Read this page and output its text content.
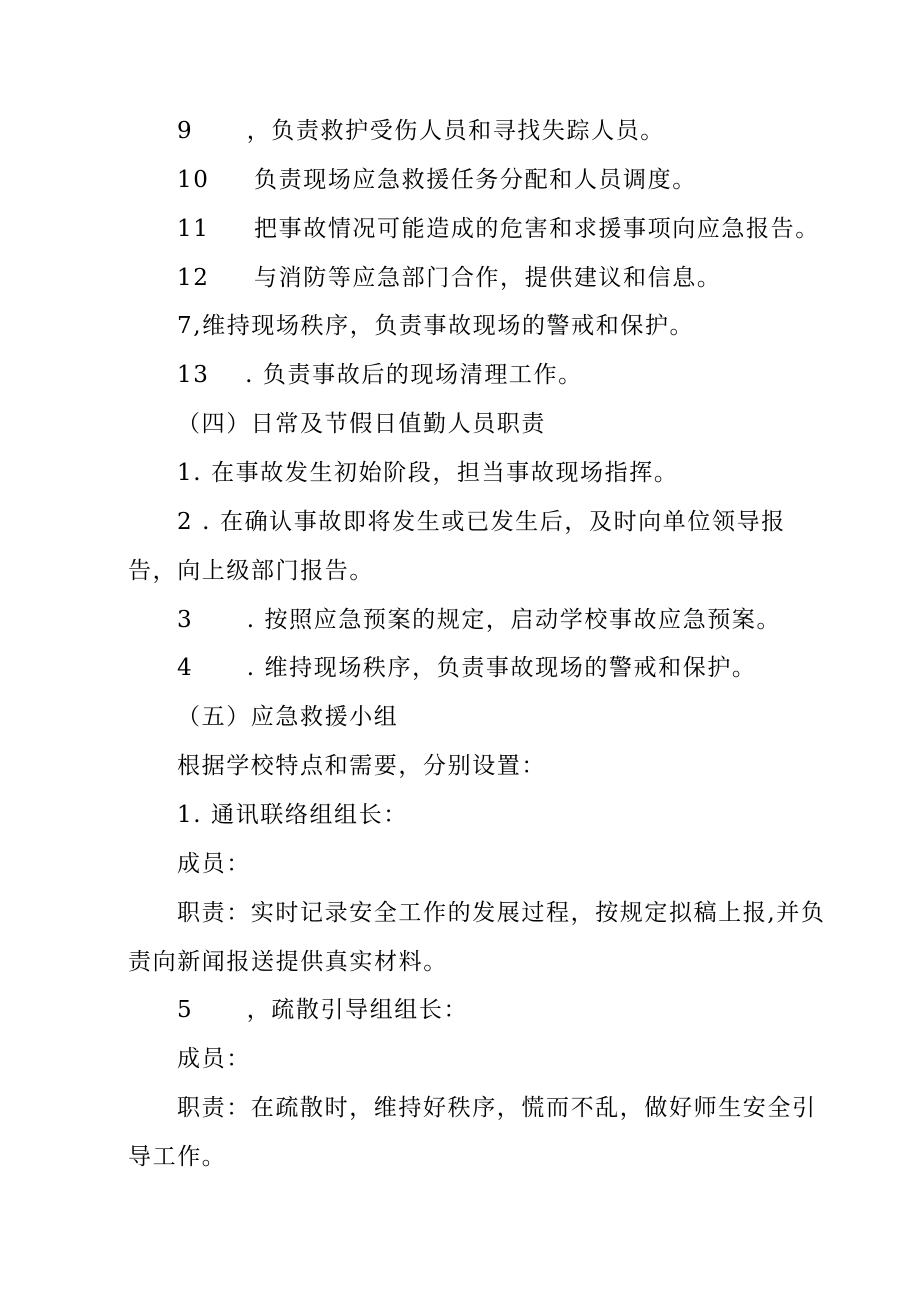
9      ，负责救护受伤人员和寻找失踪人员。
10     负责现场应急救援任务分配和人员调度。
11     把事故情况可能造成的危害和求援事项向应急报告。
12     与消防等应急部门合作，提供建议和信息。
7,维持现场秩序，负责事故现场的警戒和保护。
13    . 负责事故后的现场清理工作。
（四）日常及节假日值勤人员职责
1. 在事故发生初始阶段，担当事故现场指挥。
2 . 在确认事故即将发生或已发生后，及时向单位领导报
告，向上级部门报告。
3      . 按照应急预案的规定，启动学校事故应急预案。
4      . 维持现场秩序，负责事故现场的警戒和保护。
（五）应急救援小组
根据学校特点和需要，分别设置：
1. 通讯联络组组长：
成员：
职责：实时记录安全工作的发展过程，按规定拟稿上报,并负
责向新闻报送提供真实材料。
5      ，疏散引导组组长：
成员：
职责：在疏散时，维持好秩序，慌而不乱，做好师生安全引
导工作。
